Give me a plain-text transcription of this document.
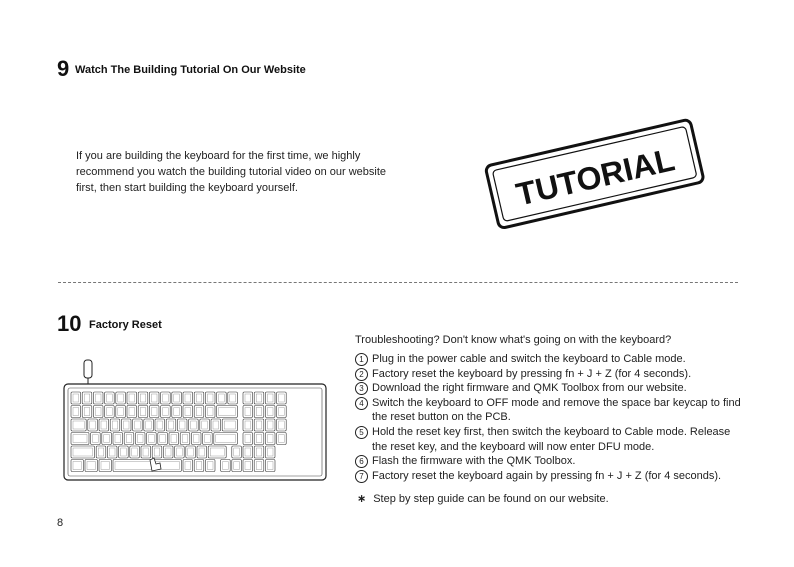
9 Watch The Building Tutorial On Our Website
If you are building the keyboard for the first time, we highly recommend you watch the building tutorial video on our website first, then start building the keyboard yourself.	TUTORIAL
10 Factory Reset
Troubleshooting? Don't know what's going on with the keyboard?
1 Plug in the power cable and switch the keyboard to Cable mode.
2 Factory reset the keyboard by pressing fn + J + Z (for 4 seconds).
3 Download the right firmware and QMK Toolbox from our website.
4 Switch the keyboard to OFF mode and remove the space bar keycap to find the reset button on the PCB.
5 Hold the reset key first, then switch the keyboard to Cable mode. Release the reset key, and the keyboard will now enter DFU mode.
6 Flash the firmware with the QMK Toolbox.
7 Factory reset the keyboard again by pressing fn + J + Z (for 4 seconds).
∗ Step by step guide can be found on our website.
8
